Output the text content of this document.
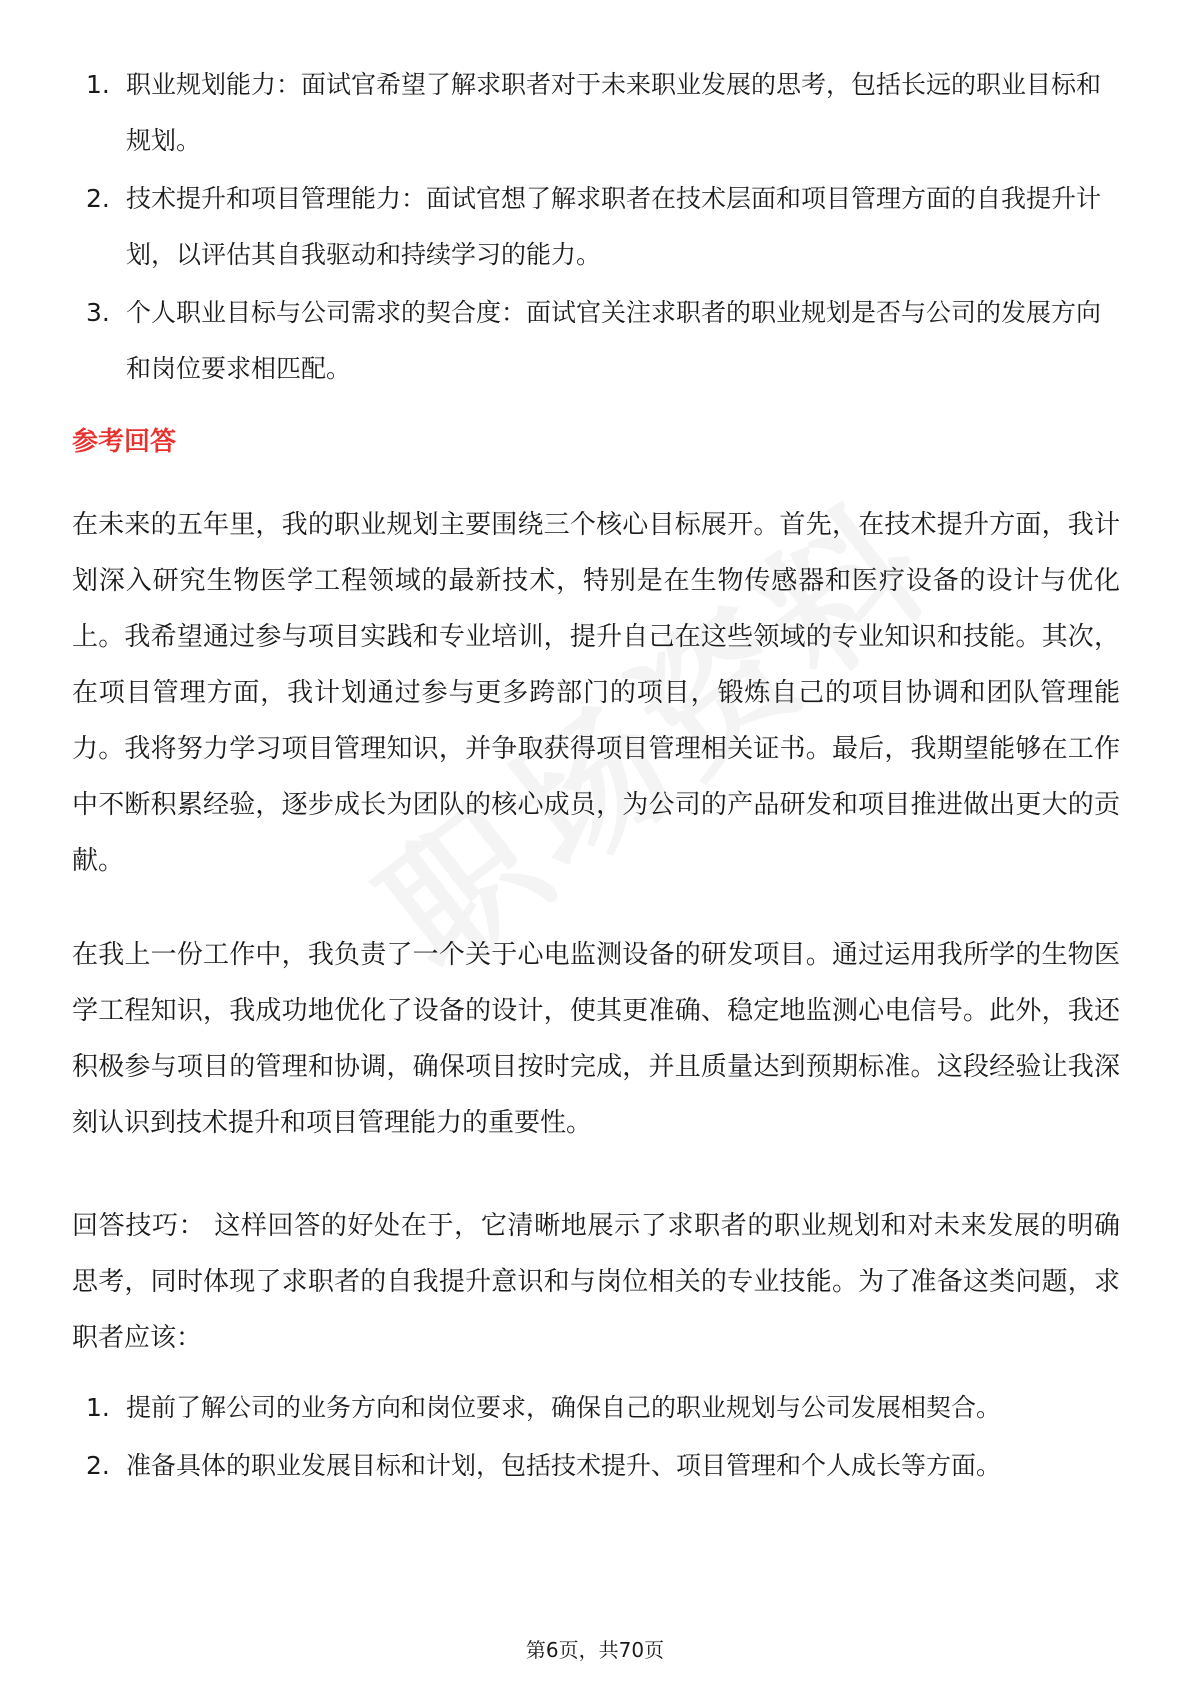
1. 职业规划能力：面试官希望了解求职者对于未来职业发展的思考，包括长远的职业目标和规划。
2. 技术提升和项目管理能力：面试官想了解求职者在技术层面和项目管理方面的自我提升计划，以评估其自我驱动和持续学习的能力。
3. 个人职业目标与公司需求的契合度：面试官关注求职者的职业规划是否与公司的发展方向和岗位要求相匹配。
参考回答

在未来的五年里，我的职业规划主要围绕三个核心目标展开。首先，在技术提升方面，我计划深入研究生物医学工程领域的最新技术，特别是在生物传感器和医疗设备的设计与优化上。我希望通过参与项目实践和专业培训，提升自己在这些领域的专业知识和技能。其次，在项目管理方面，我计划通过参与更多跨部门的项目，锻炼自己的项目协调和团队管理能力。我将努力学习项目管理知识，并争取获得项目管理相关证书。最后，我期望能够在工作中不断积累经验，逐步成长为团队的核心成员，为公司的产品研发和项目推进做出更大的贡献。

在我上一份工作中，我负责了一个关于心电监测设备的研发项目。通过运用我所学的生物医学工程知识，我成功地优化了设备的设计，使其更准确、稳定地监测心电信号。此外，我还积极参与项目的管理和协调，确保项目按时完成，并且质量达到预期标准。这段经验让我深刻认识到技术提升和项目管理能力的重要性。

回答技巧： 这样回答的好处在于，它清晰地展示了求职者的职业规划和对未来发展的明确思考，同时体现了求职者的自我提升意识和与岗位相关的专业技能。为了准备这类问题，求职者应该：

1. 提前了解公司的业务方向和岗位要求，确保自己的职业规划与公司发展相契合。
2. 准备具体的职业发展目标和计划，包括技术提升、项目管理和个人成长等方面。
第6页，共70页
